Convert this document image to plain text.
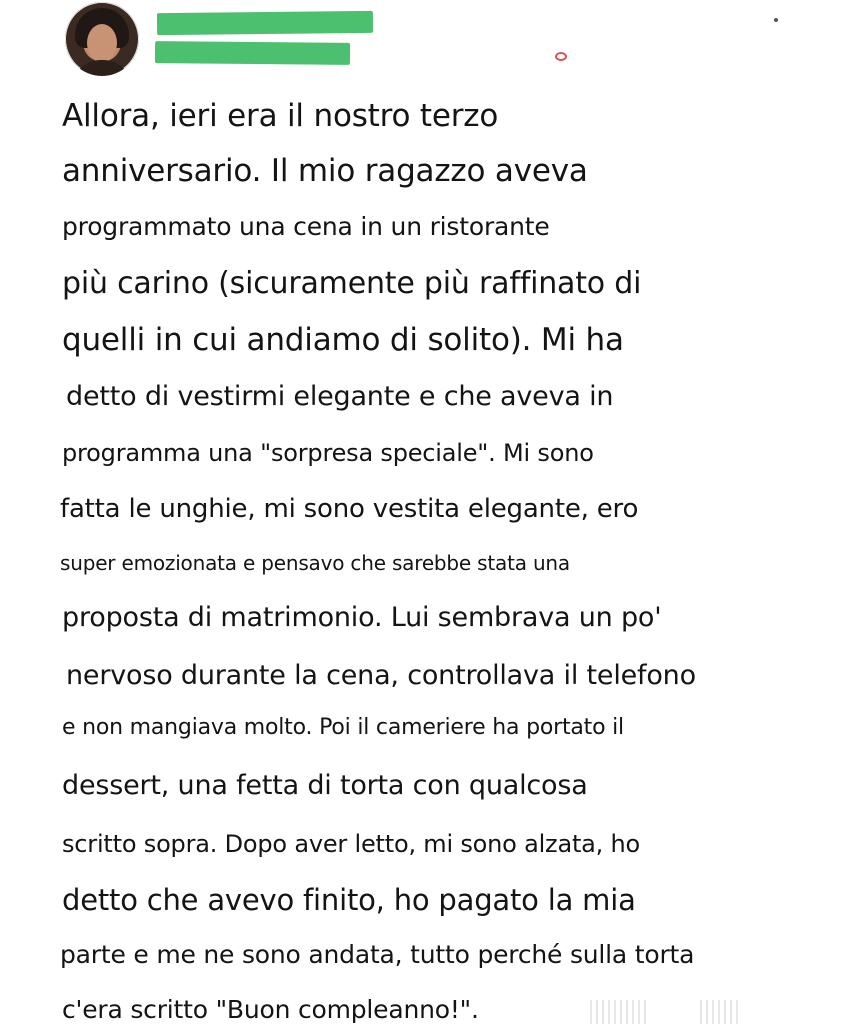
Allora, ieri era il nostro terzo
anniversario. Il mio ragazzo aveva
programmato una cena in un ristorante
più carino (sicuramente più raffinato di
quelli in cui andiamo di solito). Mi ha
detto di vestirmi elegante e che aveva in
programma una "sorpresa speciale". Mi sono
fatta le unghie, mi sono vestita elegante, ero
super emozionata e pensavo che sarebbe stata una
proposta di matrimonio. Lui sembrava un po'
nervoso durante la cena, controllava il telefono
e non mangiava molto. Poi il cameriere ha portato il
dessert, una fetta di torta con qualcosa
scritto sopra. Dopo aver letto, mi sono alzata, ho
detto che avevo finito, ho pagato la mia
parte e me ne sono andata, tutto perché sulla torta
c'era scritto "Buon compleanno!".
